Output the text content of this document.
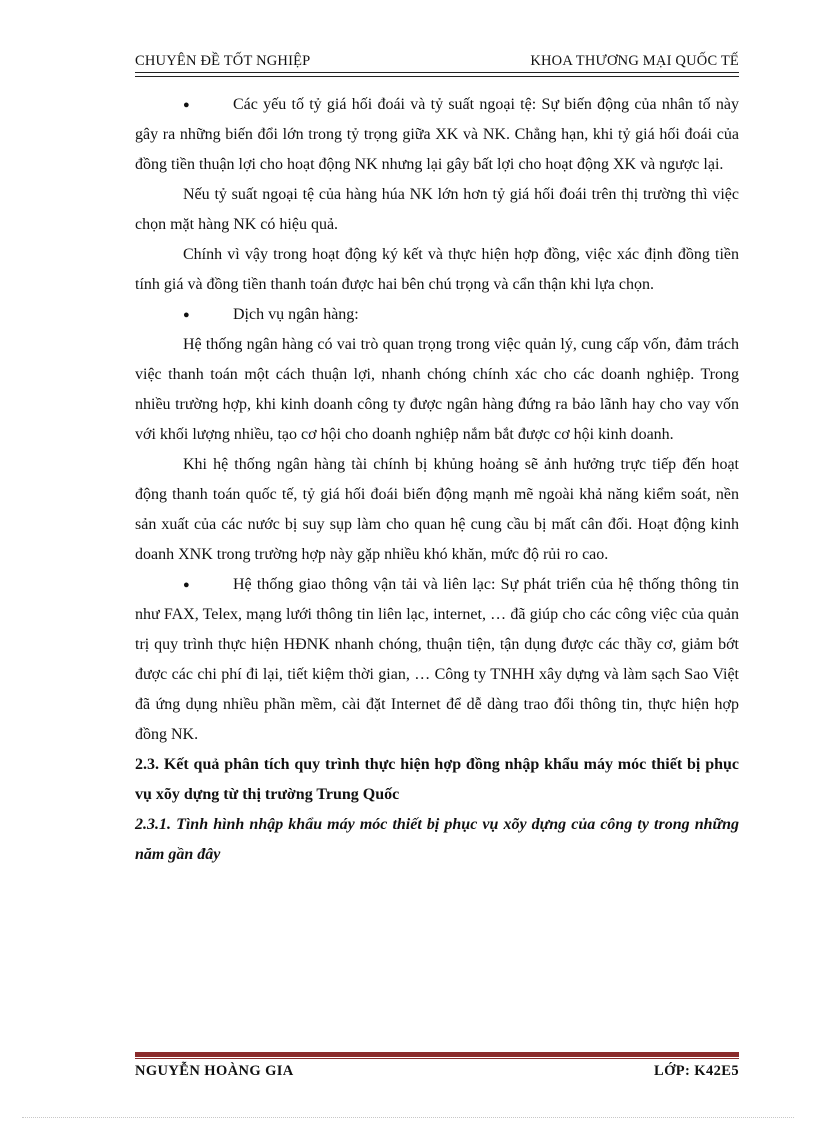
CHUYÊN ĐỀ TỐT NGHIỆP	KHOA THƯƠNG MẠI QUỐC TẾ

●	Các yếu tố tỷ giá hối đoái và tỷ suất ngoại tệ: Sự biến động của nhân tố này gây ra những biến đổi lớn trong tỷ trọng giữa XK và NK. Chẳng hạn, khi tỷ giá hối đoái của đồng tiền thuận lợi cho hoạt động NK nhưng lại gây bất lợi cho hoạt động XK và ngược lại.

Nếu tỷ suất ngoại tệ của hàng húa NK lớn hơn tỷ giá hối đoái trên thị trường thì việc chọn mặt hàng NK có hiệu quả.

Chính vì vậy trong hoạt động ký kết và thực hiện hợp đồng, việc xác định đồng tiền tính giá và đồng tiền thanh toán được hai bên chú trọng và cẩn thận khi lựa chọn.

●	Dịch vụ ngân hàng:

Hệ thống ngân hàng có vai trò quan trọng trong việc quản lý, cung cấp vốn, đảm trách việc thanh toán một cách thuận lợi, nhanh chóng chính xác cho các doanh nghiệp. Trong nhiều trường hợp, khi kinh doanh công ty được ngân hàng đứng ra bảo lãnh hay cho vay vốn với khối lượng nhiều, tạo cơ hội cho doanh nghiệp nắm bắt được cơ hội kinh doanh.

Khi hệ thống ngân hàng tài chính bị khủng hoảng sẽ ảnh hưởng trực tiếp đến hoạt động thanh toán quốc tế, tỷ giá hối đoái biến động mạnh mẽ ngoài khả năng kiểm soát, nền sản xuất của các nước bị suy sụp làm cho quan hệ cung cầu bị mất cân đối. Hoạt động kinh doanh XNK trong trường hợp này gặp nhiều khó khăn, mức độ rủi ro cao.

●	Hệ thống giao thông vận tải và liên lạc: Sự phát triển của hệ thống thông tin như FAX, Telex, mạng lưới thông tin liên lạc, internet, … đã giúp cho các công việc của quản trị quy trình thực hiện HĐNK nhanh chóng, thuận tiện, tận dụng được các thầy cơ, giảm bớt được các chi phí đi lại, tiết kiệm thời gian, … Công ty TNHH xây dựng và làm sạch Sao Việt đã ứng dụng nhiều phần mềm, cài đặt Internet để dễ dàng trao đổi thông tin, thực hiện hợp đồng NK.

2.3. Kết quả phân tích quy trình thực hiện hợp đồng nhập khẩu máy móc thiết bị phục vụ xõy dựng từ thị trường Trung Quốc

2.3.1. Tình hình nhập khẩu máy móc thiết bị phục vụ xõy dựng của công ty trong những năm gần đây

NGUYỄN HOÀNG GIA	LỚP: K42E5
